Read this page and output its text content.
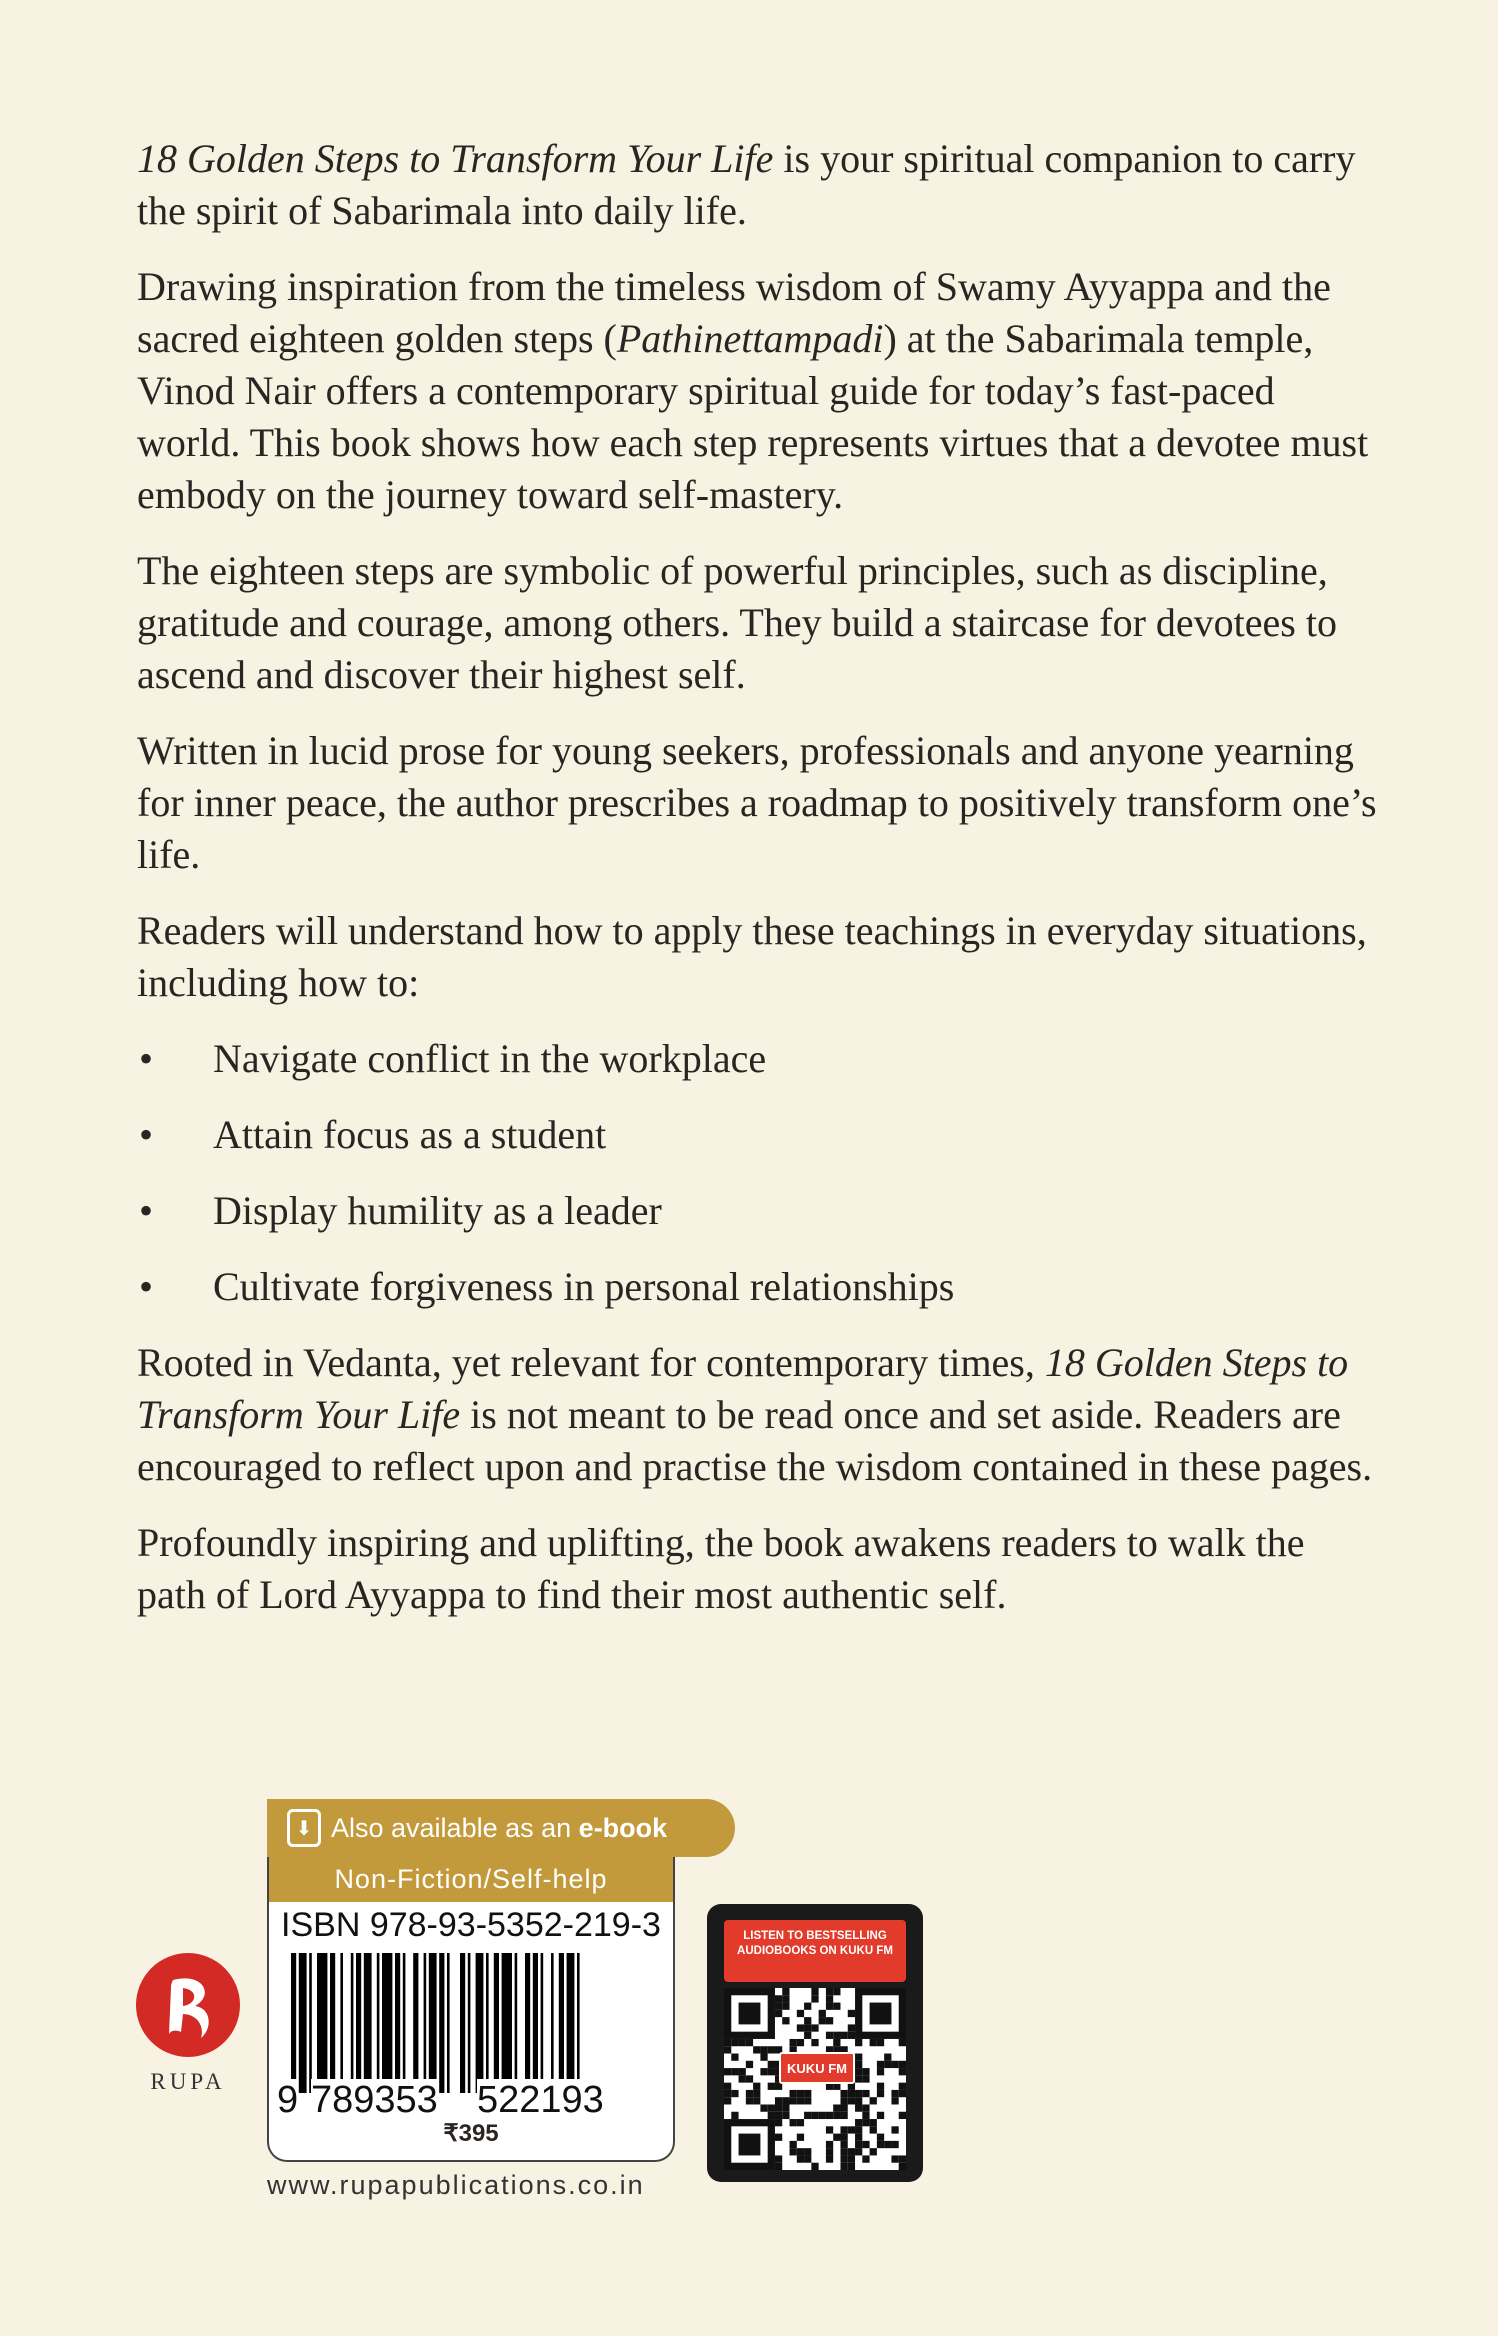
18 Golden Steps to Transform Your Life is your spiritual companion to carry the spirit of Sabarimala into daily life.

Drawing inspiration from the timeless wisdom of Swamy Ayyappa and the sacred eighteen golden steps (Pathinettampadi) at the Sabarimala temple, Vinod Nair offers a contemporary spiritual guide for today’s fast-paced world. This book shows how each step represents virtues that a devotee must embody on the journey toward self-mastery.

The eighteen steps are symbolic of powerful principles, such as discipline, gratitude and courage, among others. They build a staircase for devotees to ascend and discover their highest self.

Written in lucid prose for young seekers, professionals and anyone yearning for inner peace, the author prescribes a roadmap to positively transform one’s life.

Readers will understand how to apply these teachings in everyday situations, including how to:

• Navigate conflict in the workplace
• Attain focus as a student
• Display humility as a leader
• Cultivate forgiveness in personal relationships

Rooted in Vedanta, yet relevant for contemporary times, 18 Golden Steps to Transform Your Life is not meant to be read once and set aside. Readers are encouraged to reflect upon and practise the wisdom contained in these pages.

Profoundly inspiring and uplifting, the book awakens readers to walk the path of Lord Ayyappa to find their most authentic self.

RUPA
⬇ Also available as an
e-book
Non-Fiction/Self-help
ISBN 978-93-5352-219-3
9 789353 522193
₹395
www.rupapublications.co.in
LISTEN TO BESTSELLING AUDIOBOOKS ON KUKU FM
KUKU FM
